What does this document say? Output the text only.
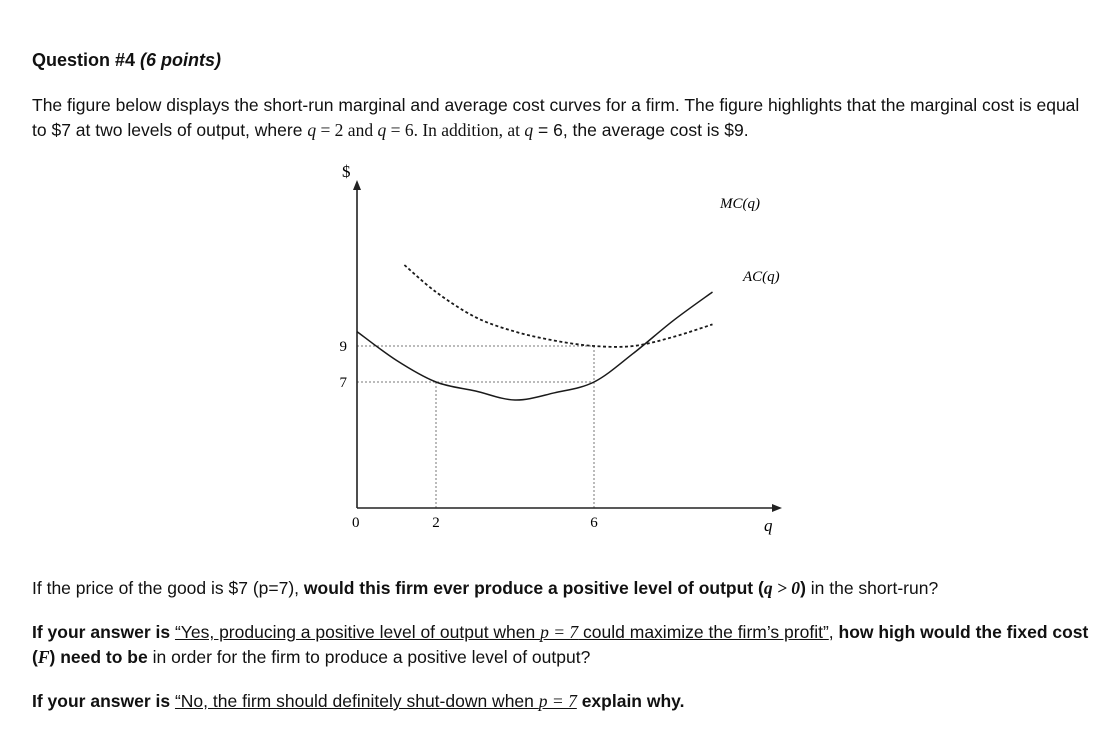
Question #4 (6 points)
The figure below displays the short-run marginal and average cost curves for a firm. The figure highlights that the marginal cost is equal to $7 at two levels of output, where q = 2 and q = 6. In addition, at q = 6, the average cost is $9.
$
q
0	2	6
7
9
MC(q)
AC(q)
If the price of the good is $7 (p=7), would this firm ever produce a positive level of output (q > 0) in the short-run?
If your answer is “Yes, producing a positive level of output when p = 7 could maximize the firm’s profit”, how high would the fixed cost (F) need to be in order for the firm to produce a positive level of output?
If your answer is “No, the firm should definitely shut-down when p = 7 explain why.
